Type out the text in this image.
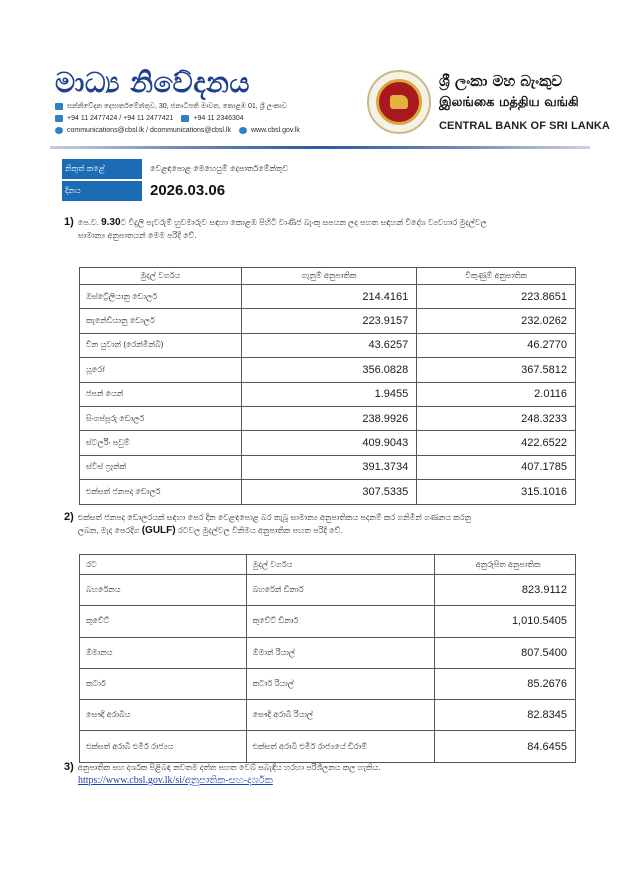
මාධ්‍ය නිවේදනය
සන්නිවේදන දෙපාර්තමේන්තුව, 30, ජනාධිපති මාවත, කොළඹ 01, ශ්‍රී ලංකාව
+94 11 2477424 / +94 11 2477421	+94 11 2346304
communications@cbsl.lk / dcommunications@cbsl.lk	www.cbsl.gov.lk
ශ්‍රී ලංකා මහ බැංකුව
இலங்கை மத்திய வங்கி
CENTRAL BANK OF SRI LANKA
නිකුත් කළේ	වෙළඳපොළ මෙහෙයුම් දෙපාර්තමේන්තුව
දිනය	2026.03.06
1) පෙ.ව. 9.30ට විදුලි පැවරුම් හුවමාරුව සඳහා කොළඹ පිහිටි වාණිජ බැංකු සපයන ලද පහත සඳහන් විදේශ ව්‍යවහාර මුදල්වල
සාමාන්‍ය අනුපාතයන් මෙම පරිදි වේ.
මුදල් වර්ගය	ගැනුම් අනුපාතික	විකුණුම් අනුපාතික
ඔස්ට්‍රේලියානු ඩොලර්	214.4161	223.8651
කැනේඩියානු ඩොලර්	223.9157	232.0262
චීන යුවාන් (රෙන්මින්බි)	43.6257	46.2770
යූරෝ	356.0828	367.5812
ජපන් යෙන්	1.9455	2.0116
සිංගප්පූරු ඩොලර්	238.9926	248.3233
ස්ටර්ලිං පවුම්	409.9043	422.6522
ස්විස් ෆ්‍රෑන්ක්	391.3734	407.1785
එක්සත් ජනපද ඩොලර්	307.5335	315.1016
2) එක්සත් ජනපද ඩොලරයක් සඳහා පෙර දින වෙළඳපොළ බර තැබූ සාමාන්‍ය අනුපාතිකය පදනම් කර ගනිමින් ගණනය කරනු
ලබන, මැද පෙරදිග (GULF) රටවල මුදල්වල විනිමය අනුපාතික පහත පරිදි වේ.
රට	මුදල් වර්ගය	අනුරූපිත අනුපාතික
බහරේනය	බහරේන් ඩිනාර්	823.9112
කුවේට්	කුවේට් ඩිනාර්	1,010.5405
ඕමානය	ඕමාන් රියාල්	807.5400
කටාර්	කටාර් රියාල්	85.2676
සෞදි අරාබිය	සෞදි අරාබි රියාල්	82.8345
එක්සත් අරාබි එමීර් රාජ්‍යය	එක්සත් අරාබි එමීර් රාජ්‍යයේ ඩිරාම්	84.6455
3) අනුපාතික සහ දර්ශක පිළිබඳ නවතම දත්ත පහත වෙබ් සබැඳිය හරහා පරිශීලනය කල හැකිය.
https://www.cbsl.gov.lk/si/අනුපාතික-සහ-දර්ශක
